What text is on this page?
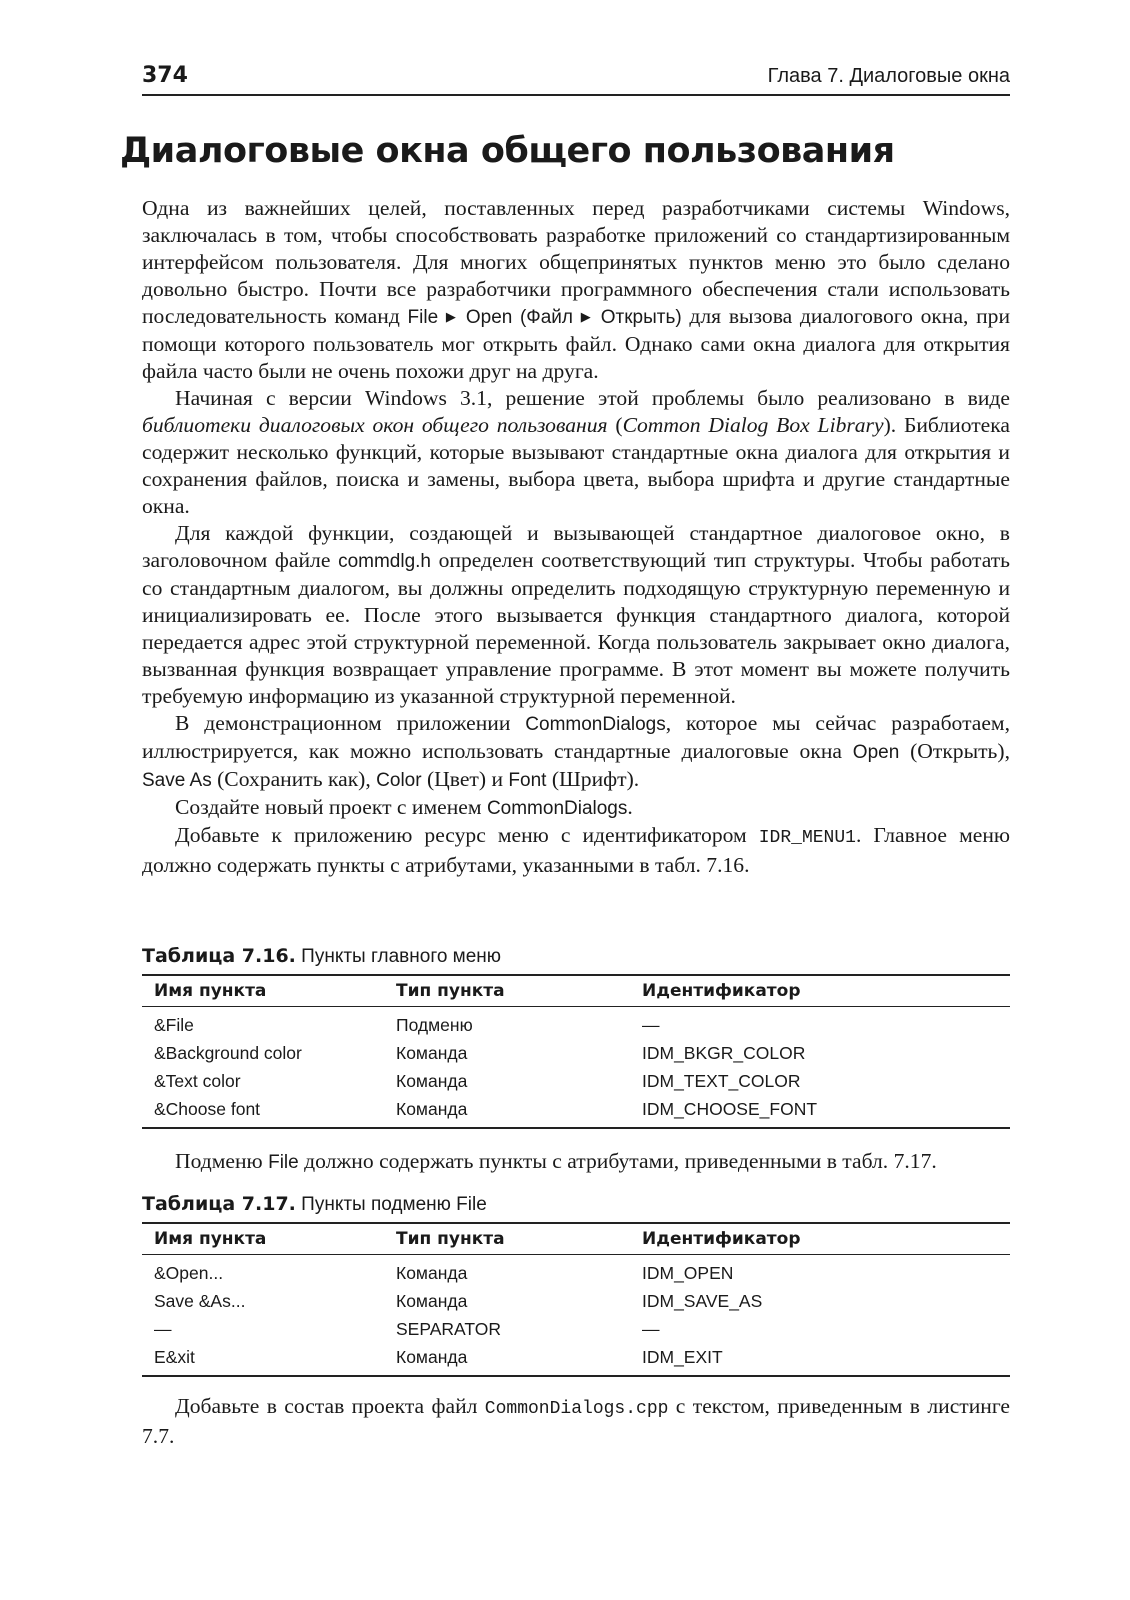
374	Глава 7. Диалоговые окна
Диалоговые окна общего пользования

Одна из важнейших целей, поставленных перед разработчиками системы Windows, заключалась в том, чтобы способствовать разработке приложений со стандартизированным интерфейсом пользователя. Для многих общепринятых пунктов меню это было сделано довольно быстро. Почти все разработчики программного обеспечения стали использовать последовательность команд File ▶ Open (Файл ▶ Открыть) для вызова диалогового окна, при помощи которого пользователь мог открыть файл. Однако сами окна диалога для открытия файла часто были не очень похожи друг на друга.

Начиная с версии Windows 3.1, решение этой проблемы было реализовано в виде библиотеки диалоговых окон общего пользования (Common Dialog Box Library). Библиотека содержит несколько функций, которые вызывают стандартные окна диалога для открытия и сохранения файлов, поиска и замены, выбора цвета, выбора шрифта и другие стандартные окна.

Для каждой функции, создающей и вызывающей стандартное диалоговое окно, в заголовочном файле commdlg.h определен соответствующий тип структуры. Чтобы работать со стандартным диалогом, вы должны определить подходящую структурную переменную и инициализировать ее. После этого вызывается функция стандартного диалога, которой передается адрес этой структурной переменной. Когда пользователь закрывает окно диалога, вызванная функция возвращает управление программе. В этот момент вы можете получить требуемую информацию из указанной структурной переменной.

В демонстрационном приложении CommonDialogs, которое мы сейчас разработаем, иллюстрируется, как можно использовать стандартные диалоговые окна Open (Открыть), Save As (Сохранить как), Color (Цвет) и Font (Шрифт).

Создайте новый проект с именем CommonDialogs.

Добавьте к приложению ресурс меню с идентификатором IDR_MENU1. Главное меню должно содержать пункты с атрибутами, указанными в табл. 7.16.

Таблица 7.16. Пункты главного меню
Имя пункта	Тип пункта	Идентификатор
&File	Подменю	—
&Background color	Команда	IDM_BKGR_COLOR
&Text color	Команда	IDM_TEXT_COLOR
&Choose font	Команда	IDM_CHOOSE_FONT

Подменю File должно содержать пункты с атрибутами, приведенными в табл. 7.17.

Таблица 7.17. Пункты подменю File
Имя пункта	Тип пункта	Идентификатор
&Open...	Команда	IDM_OPEN
Save &As...	Команда	IDM_SAVE_AS
—	SEPARATOR	—
E&xit	Команда	IDM_EXIT

Добавьте в состав проекта файл CommonDialogs.cpp с текстом, приведенным в листинге 7.7.
